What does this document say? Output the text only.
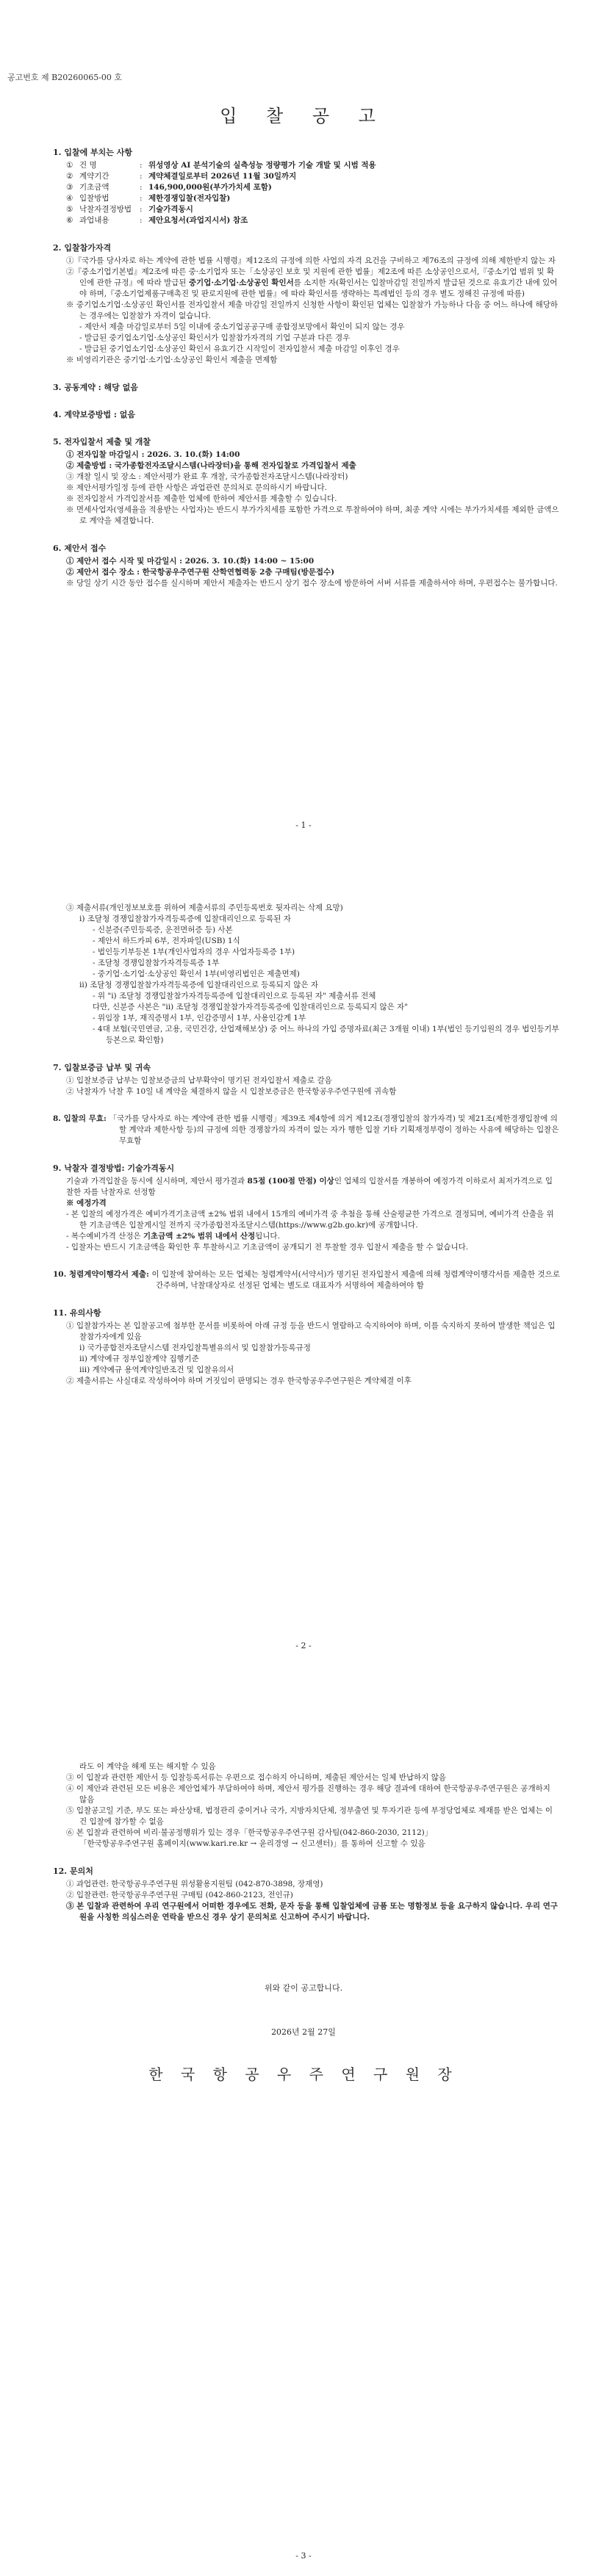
공고번호 제 B20260065-00 호
입 찰 공 고
1. 입찰에 부치는 사항
① 건 명	: 위성영상 AI 분석기술의 실측성능 정량평가 기술 개발 및 시범 적용
② 계약기간	: 계약체결일로부터 2026년 11월 30일까지
③ 기초금액	: 146,900,000원(부가가치세 포함)
④ 입찰방법	: 제한경쟁입찰(전자입찰)
⑤ 낙찰자결정방법	: 기술가격동시
⑥ 과업내용	: 제안요청서(과업지시서) 참조
2. 입찰참가자격
①『국가를 당사자로 하는 계약에 관한 법률 시행령』제12조의 규정에 의한 사업의 자격 요건을 구비하고 제76조의 규정에 의해 제한받지 않는 자
②『중소기업기본법』제2조에 따른 중·소기업자 또는「소상공인 보호 및 지원에 관한 법률」제2조에 따른 소상공인으로서,『중소기업 범위 및 확인에 관한 규정』에 따라 발급된 중기업·소기업·소상공인 확인서를 소지한 자(확인서는 입찰마감일 전일까지 발급된 것으로 유효기간 내에 있어야 하며,『중소기업제품구매촉진 및 판로지원에 관한 법률』에 따라 확인서를 생략하는 특례법인 등의 경우 별도 정해진 규정에 따름)
※ 중기업소기업·소상공인 확인서를 전자입찰서 제출 마감일 전일까지 신청한 사항이 확인된 업체는 입찰참가 가능하나 다음 중 어느 하나에 해당하는 경우에는 입찰참가 자격이 없습니다.
- 제안서 제출 마감일로부터 5일 이내에 중소기업공공구매 종합정보망에서 확인이 되지 않는 경우
- 발급된 중기업소기업·소상공인 확인서가 입찰참가자격의 기업 구분과 다른 경우
- 발급된 중기업소기업·소상공인 확인서 유효기간 시작일이 전자입찰서 제출 마감일 이후인 경우
※ 비영리기관은 중기업·소기업·소상공인 확인서 제출을 면제함
3. 공동계약 : 해당 없음
4. 계약보증방법 : 없음
5. 전자입찰서 제출 및 개찰
① 전자입찰 마감일시 : 2026. 3. 10.(화) 14:00
② 제출방법 : 국가종합전자조달시스템(나라장터)을 통해 전자입찰로 가격입찰서 제출
③ 개찰 일시 및 장소 : 제안서평가 완료 후 개찰, 국가종합전자조달시스템(나라장터)
※ 제안서평가일정 등에 관한 사항은 과업관련 문의처로 문의하시기 바랍니다.
※ 전자입찰서 가격입찰서를 제출한 업체에 한하여 제안서를 제출할 수 있습니다.
※ 면세사업자(영세율을 적용받는 사업자)는 반드시 부가가치세를 포함한 가격으로 투찰하여야 하며, 최종 계약 시에는 부가가치세를 제외한 금액으로 계약을 체결합니다.
6. 제안서 접수
① 제안서 접수 시작 및 마감일시 : 2026. 3. 10.(화) 14:00 ~ 15:00
② 제안서 접수 장소 : 한국항공우주연구원 산학연협력동 2층 구매팀(방문접수)
※ 당일 상기 시간 동안 접수를 실시하며 제안서 제출자는 반드시 상기 접수 장소에 방문하여 서버 서류를 제출하셔야 하며, 우편접수는 불가합니다.
- 1 -
③ 제출서류(개인정보보호를 위하여 제출서류의 주민등록번호 뒷자리는 삭제 요망)
ⅰ) 조달청 경쟁입찰참가자격등록증에 입찰대리인으로 등록된 자
- 신분증(주민등록증, 운전면허증 등) 사본
- 제안서 하드카피 6부, 전자파일(USB) 1식
- 법인등기부등본 1부(개인사업자의 경우 사업자등록증 1부)
- 조달청 경쟁입찰참가자격등록증 1부
- 중기업·소기업·소상공인 확인서 1부(비영리법인은 제출면제)
ⅱ) 조달청 경쟁입찰참가자격등록증에 입찰대리인으로 등록되지 않은 자
- 위 "ⅰ) 조달청 경쟁입찰참가자격등록증에 입찰대리인으로 등록된 자" 제출서류 전체
다만, 신분증 사본은 "ⅱ) 조달청 경쟁입찰참가자격등록증에 입찰대리인으로 등록되지 않은 자"
- 위임장 1부, 재직증명서 1부, 인감증명서 1부, 사용인감계 1부
- 4대 보험(국민연금, 고용, 국민건강, 산업재해보상) 중 어느 하나의 가입 증명자료(최근 3개월 이내) 1부(법인 등기임원의 경우 법인등기부등본으로 확인함)
7. 입찰보증금 납부 및 귀속
① 입찰보증금 납부는 입찰보증금의 납부확약이 명기된 전자입찰서 제출로 갈음
② 낙찰자가 낙찰 후 10일 내 계약을 체결하지 않을 시 입찰보증금은 한국항공우주연구원에 귀속함
8. 입찰의 무효: 「국가를 당사자로 하는 계약에 관한 법률 시행령」제39조 제4항에 의거 제12조(경쟁입찰의 참가자격) 및 제21조(제한경쟁입찰에 의할 계약과 제한사항 등)의 규정에 의한 경쟁참가의 자격이 없는 자가 행한 입찰 기타 기획재정부령이 정하는 사유에 해당하는 입찰은 무효함
9. 낙찰자 결정방법: 기술가격동시
기술과 가격입찰을 동시에 실시하며, 제안서 평가결과 85점 (100점 만점) 이상인 업체의 입찰서를 개봉하여 예정가격 이하로서 최저가격으로 입찰한 자를 낙찰자로 선정함
※ 예정가격
- 본 입찰의 예정가격은 예비가격기초금액 ±2% 범위 내에서 15개의 예비가격 중 추첨을 통해 산술평균한 가격으로 결정되며, 예비가격 산출을 위한 기초금액은 입찰게시일 전까지 국가종합전자조달시스템(https://www.g2b.go.kr)에 공개합니다.
- 복수예비가격 산정은 기초금액 ±2% 범위 내에서 산정됩니다.
- 입찰자는 반드시 기초금액을 확인한 후 투찰하시고 기초금액이 공개되기 전 투찰할 경우 입찰서 제출을 할 수 없습니다.
10. 청렴계약이행각서 제출: 이 입찰에 참여하는 모든 업체는 청렴계약서(서약서)가 명기된 전자입찰서 제출에 의해 청렴계약이행각서를 제출한 것으로 간주하며, 낙찰대상자로 선정된 업체는 별도로 대표자가 서명하여 제출하여야 함
11. 유의사항
① 입찰참가자는 본 입찰공고에 첨부한 문서를 비롯하여 아래 규정 등을 반드시 열람하고 숙지하여야 하며, 이를 숙지하지 못하여 발생한 책임은 입찰참가자에게 있음
ⅰ) 국가종합전자조달시스템 전자입찰특별유의서 및 입찰참가등록규정
ⅱ) 계약예규 정부입찰계약 집행기준
ⅲ) 계약예규 용역계약일반조건 및 입찰유의서
② 제출서류는 사실대로 작성하여야 하며 거짓임이 판명되는 경우 한국항공우주연구원은 계약체결 이후
- 2 -
라도 이 계약을 해제 또는 해지할 수 있음
③ 이 입찰과 관련한 제안서 등 입찰등록서류는 우편으로 접수하지 아니하며, 제출된 제안서는 일체 반납하지 않음
④ 이 제안과 관련된 모든 비용은 제안업체가 부담하여야 하며, 제안서 평가를 진행하는 경우 해당 결과에 대하여 한국항공우주연구원은 공개하지 않음
⑤ 입찰공고일 기준, 부도 또는 파산상태, 법정관리 중이거나 국가, 지방자치단체, 정부출연 및 투자기관 등에 부정당업체로 제재를 받은 업체는 이 건 입찰에 참가할 수 없음
⑥ 본 입찰과 관련하여 비리·불공정행위가 있는 경우「한국항공우주연구원 감사팀(042-860-2030, 2112)」
「한국항공우주연구원 홈페이지(www.kari.re.kr → 윤리경영 → 신고센터)」를 통하여 신고할 수 있음
12. 문의처
① 과업관련: 한국항공우주연구원 위성활용지원팀 (042-870-3898, 장재영)
② 입찰관련: 한국항공우주연구원 구매팀 (042-860-2123, 전인규)
③ 본 입찰과 관련하여 우리 연구원에서 어떠한 경우에도 전화, 문자 등을 통해 입찰업체에 금품 또는 명함정보 등을 요구하지 않습니다. 우리 연구원을 사칭한 의심스러운 연락을 받으신 경우 상기 문의처로 신고하여 주시기 바랍니다.
위와 같이 공고합니다.
2026년 2월 27일
한 국 항 공 우 주 연 구 원 장
- 3 -
